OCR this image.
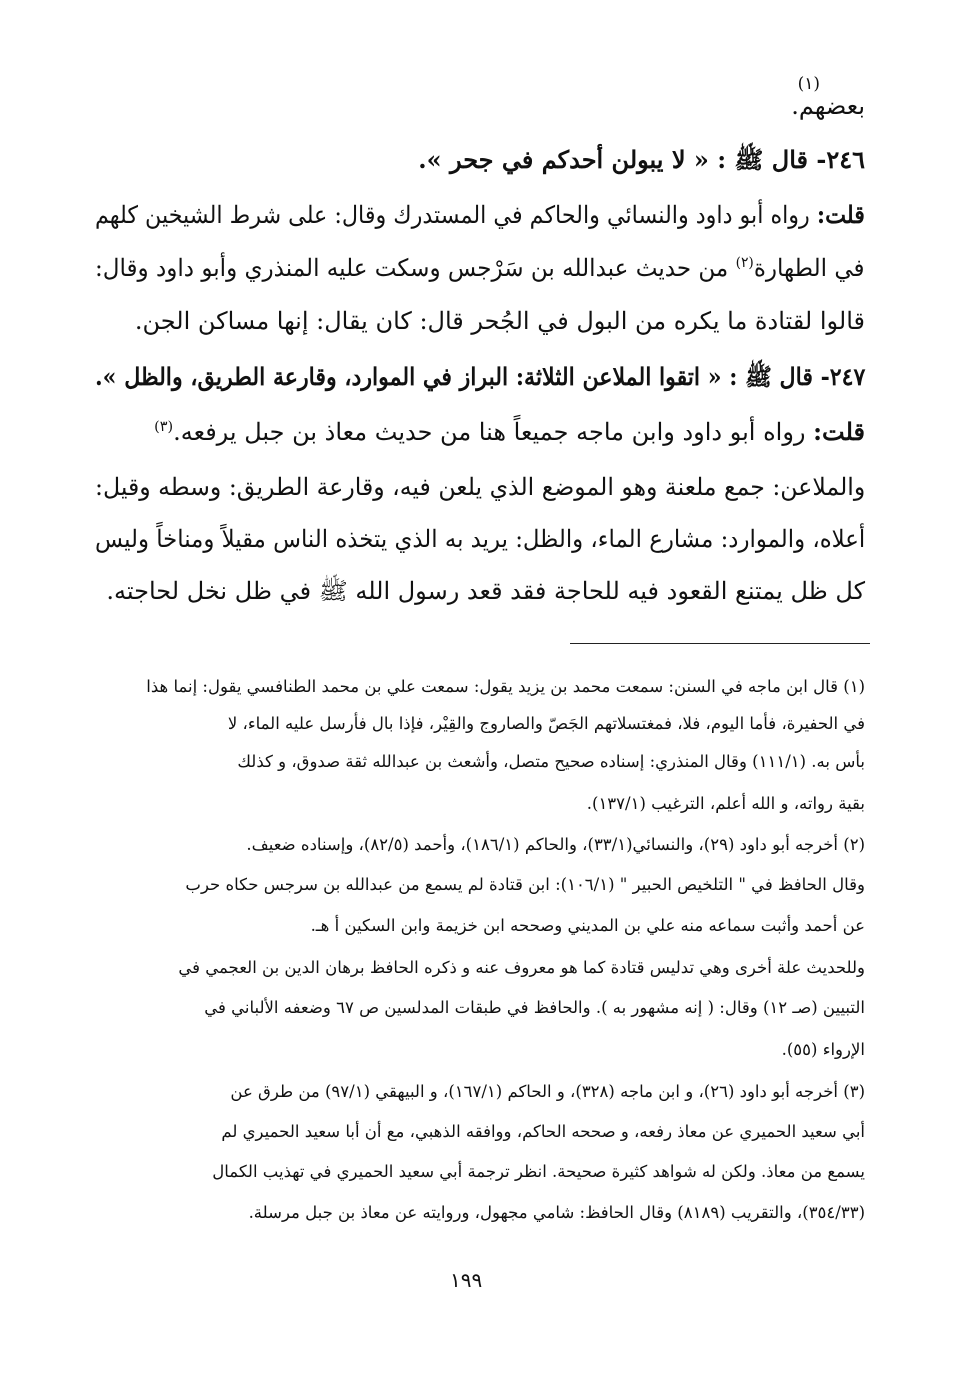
(١)
بعضهم.
٢٤٦- قال ﷺ : « لا يبولن أحدكم في جحر ».
قلت: رواه أبو داود والنسائي والحاكم في المستدرك وقال: على شرط الشيخين كلهم
في الطهارة$^{(٢)}$ من حديث عبدالله بن سَرْجس وسكت عليه المنذري وأبو داود وقال:
قالوا لقتادة ما يكره من البول في الجُحر قال: كان يقال: إنها مساكن الجن.
٢٤٧- قال ﷺ : « اتقوا الملاعن الثلاثة: البراز في الموارد، وقارعة الطريق، والظل ».
قلت: رواه أبو داود وابن ماجه جميعاً هنا من حديث معاذ بن جبل يرفعه.$^{(٣)}$
والملاعن: جمع ملعنة وهو الموضع الذي يلعن فيه، وقارعة الطريق: وسطه وقيل:
أعلاه، والموارد: مشارع الماء، والظل: يريد به الذي يتخذه الناس مقيلاً ومناخاً وليس
كل ظل يمتنع القعود فيه للحاجة فقد قعد رسول الله ﷺ في ظل نخل لحاجته.
(١) قال ابن ماجه في السنن: سمعت محمد بن يزيد يقول: سمعت علي بن محمد الطنافسي يقول: إنما هذا
في الحفيرة، فأما اليوم، فلا، فمغتسلاتهم الجَصّ والصاروج والقِيْر، فإذا بال فأرسل عليه الماء، لا
بأس به. (١١١/١) وقال المنذري: إسناده صحيح متصل، وأشعث بن عبدالله ثقة صدوق، و كذلك
بقية رواته، و الله أعلم، الترغيب (١٣٧/١).
(٢) أخرجه أبو داود (٢٩)، والنسائي(٣٣/١)، والحاكم (١٨٦/١)، وأحمد (٨٢/٥)، وإسناده ضعيف.
وقال الحافظ في " التلخيص الحبير " (١٠٦/١): ابن قتادة لم يسمع من عبدالله بن سرجس حكاه حرب
عن أحمد وأثبت سماعه منه علي بن المديني وصححه ابن خزيمة وابن السكين أ هـ.
وللحديث علة أخرى وهي تدليس قتادة كما هو معروف عنه و ذكره الحافظ برهان الدين بن العجمي في
التبيين (صـ ١٢) وقال: ( إنه مشهور به ). والحافظ في طبقات المدلسين ص ٦٧ وضعفه الألباني في
الإرواء (٥٥).
(٣) أخرجه أبو داود (٢٦)، و ابن ماجه (٣٢٨)، و الحاكم (١٦٧/١)، و البيهقي (٩٧/١) من طرق عن
أبي سعيد الحميري عن معاذ رفعه، و صححه الحاكم، ووافقه الذهبي، مع أن أبا سعيد الحميري لم
يسمع من معاذ. ولكن له شواهد كثيرة صحيحة. انظر ترجمة أبي سعيد الحميري في تهذيب الكمال
(٣٥٤/٣٣)، والتقريب (٨١٨٩) وقال الحافظ: شامي مجهول، وروايته عن معاذ بن جبل مرسلة.
١٩٩
